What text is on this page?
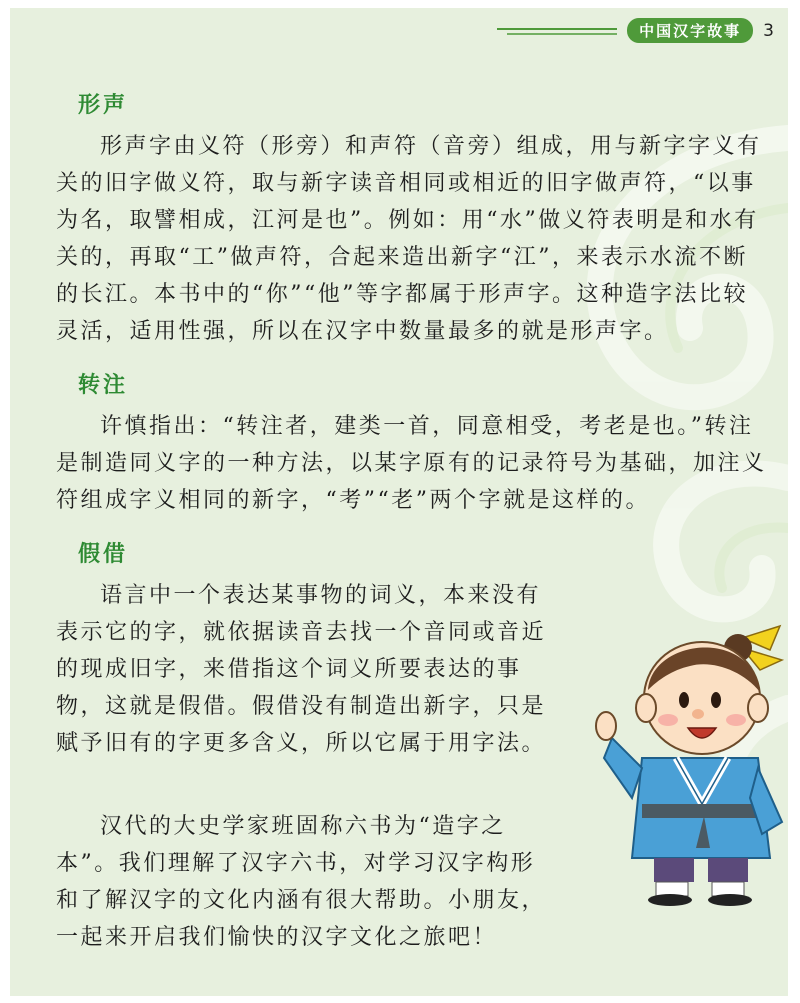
中国汉字故事	3
形声

形声字由义符（形旁）和声符（音旁）组成，用与新字字义有关的旧字做义符，取与新字读音相同或相近的旧字做声符，“以事为名，取譬相成，江河是也”。例如：用“水”做义符表明是和水有关的，再取“工”做声符，合起来造出新字“江”，来表示水流不断的长江。本书中的“你”“他”等字都属于形声字。这种造字法比较灵活，适用性强，所以在汉字中数量最多的就是形声字。

转注

许慎指出：“转注者，建类一首，同意相受，考老是也。”转注是制造同义字的一种方法，以某字原有的记录符号为基础，加注义符组成字义相同的新字，“考”“老”两个字就是这样的。

假借

语言中一个表达某事物的词义，本来没有表示它的字，就依据读音去找一个音同或音近的现成旧字，来借指这个词义所要表达的事物，这就是假借。假借没有制造出新字，只是赋予旧有的字更多含义，所以它属于用字法。

汉代的大史学家班固称六书为“造字之本”。我们理解了汉字六书，对学习汉字构形和了解汉字的文化内涵有很大帮助。小朋友，一起来开启我们愉快的汉字文化之旅吧！
